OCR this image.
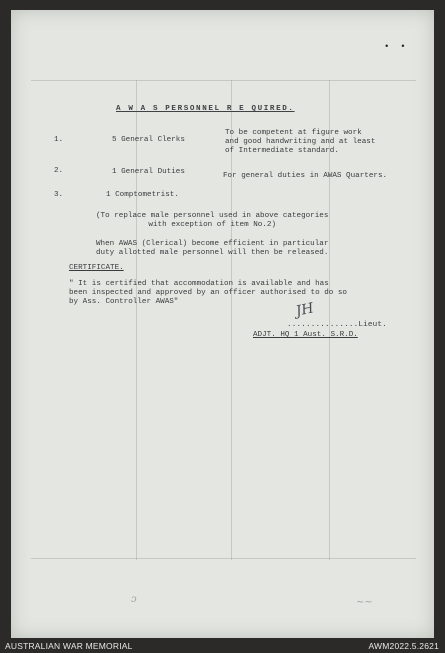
•  •
A W A S PERSONNEL R E QUIRED.
1.	5 General Clerks
To be competent at figure work
and good handwriting and at least
of Intermediate standard.
2.	1 General Duties	For general duties in AWAS Quarters.
3.	1 Comptometrist.
(To replace male personnel used in above categories
with exception of item No.2)
When AWAS (Clerical) become efficient in particular
duty allotted male personnel will then be released.
CERTIFICATE.
" It is certified that accommodation is available and has
been inspected and approved by an officer authorised to do so
by Ass. Controller AWAS"	JH
...............Lieut.
ADJT. HQ 1 Aust. S.R.D.
ↄ	~~
AUSTRALIAN WAR MEMORIAL	AWM2022.5.2621
